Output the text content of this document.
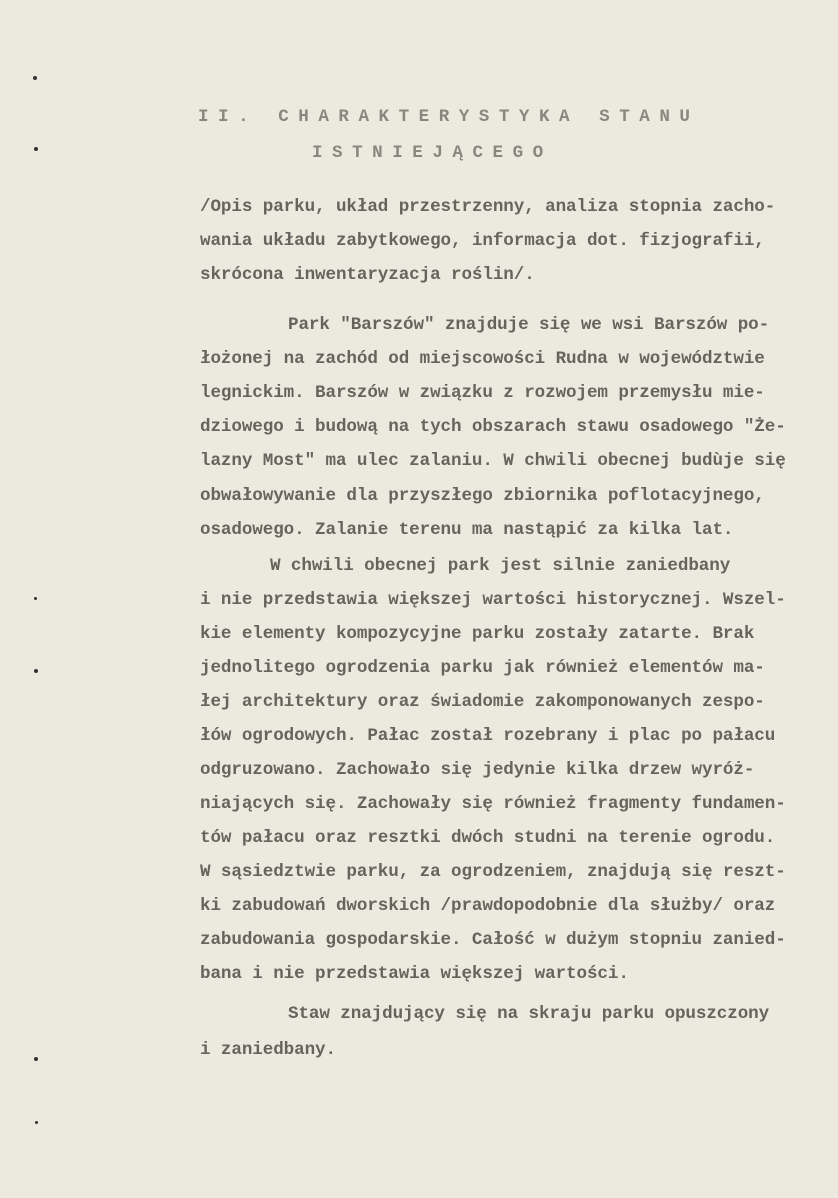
II. CHARAKTERYSTYKA STANU
ISTNIEJĄCEGO
/Opis parku, układ przestrzenny, analiza stopnia zacho-
wania układu zabytkowego, informacja dot. fizjografii,
skrócona inwentaryzacja roślin/.
Park "Barszów" znajduje się we wsi Barszów po-
łożonej na zachód od miejscowości Rudna w województwie
legnickim. Barszów w związku z rozwojem przemysłu mie-
dziowego i budową na tych obszarach stawu osadowego "Że-
lazny Most" ma ulec zalaniu. W chwili obecnej budùje się
obwałowywanie dla przyszłego zbiornika poflotacyjnego,
osadowego. Zalanie terenu ma nastąpić za kilka lat.
W chwili obecnej park jest silnie zaniedbany
i nie przedstawia większej wartości historycznej. Wszel-
kie elementy kompozycyjne parku zostały zatarte. Brak
jednolitego ogrodzenia parku jak również elementów ma-
łej architektury oraz świadomie zakomponowanych zespo-
łów ogrodowych. Pałac został rozebrany i plac po pałacu
odgruzowano. Zachowało się jedynie kilka drzew wyróż-
niających się. Zachowały się również fragmenty fundamen-
tów pałacu oraz resztki dwóch studni na terenie ogrodu.
W sąsiedztwie parku, za ogrodzeniem, znajdują się reszt-
ki zabudowań dworskich /prawdopodobnie dla służby/ oraz
zabudowania gospodarskie. Całość w dużym stopniu zanied-
bana i nie przedstawia większej wartości.
Staw znajdujący się na skraju parku opuszczony
i zaniedbany.
